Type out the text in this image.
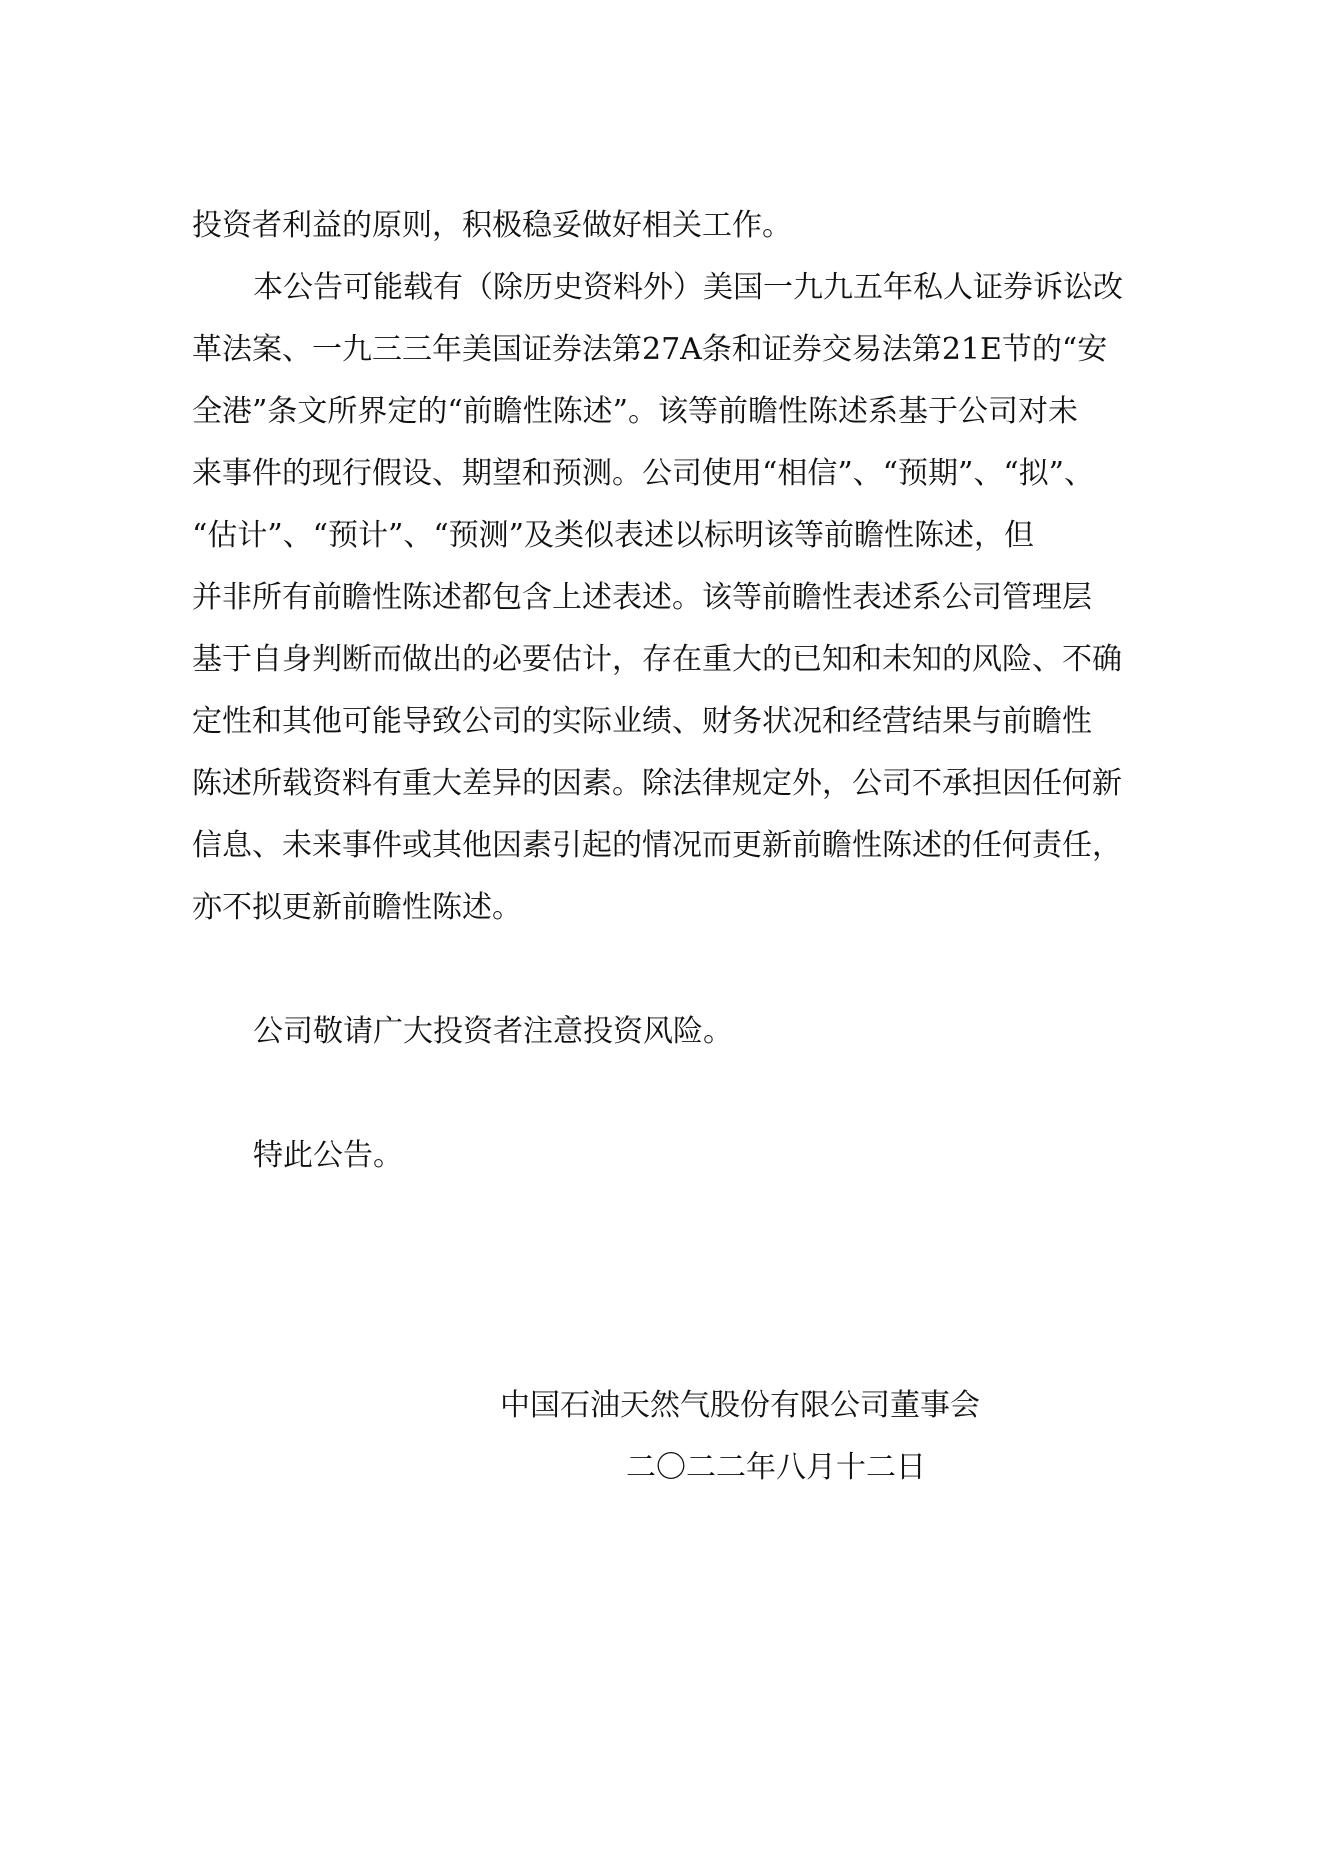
投资者利益的原则，积极稳妥做好相关工作。
本公告可能载有（除历史资料外）美国一九九五年私人证券诉讼改
革法案、一九三三年美国证券法第27A条和证券交易法第21E节的“安
全港”条文所界定的“前瞻性陈述”。该等前瞻性陈述系基于公司对未
来事件的现行假设、期望和预测。公司使用“相信”、“预期”、“拟”、
“估计”、“预计”、“预测”及类似表述以标明该等前瞻性陈述，但
并非所有前瞻性陈述都包含上述表述。该等前瞻性表述系公司管理层
基于自身判断而做出的必要估计，存在重大的已知和未知的风险、不确
定性和其他可能导致公司的实际业绩、财务状况和经营结果与前瞻性
陈述所载资料有重大差异的因素。除法律规定外，公司不承担因任何新
信息、未来事件或其他因素引起的情况而更新前瞻性陈述的任何责任，
亦不拟更新前瞻性陈述。
公司敬请广大投资者注意投资风险。
特此公告。
中国石油天然气股份有限公司董事会
二〇二二年八月十二日
